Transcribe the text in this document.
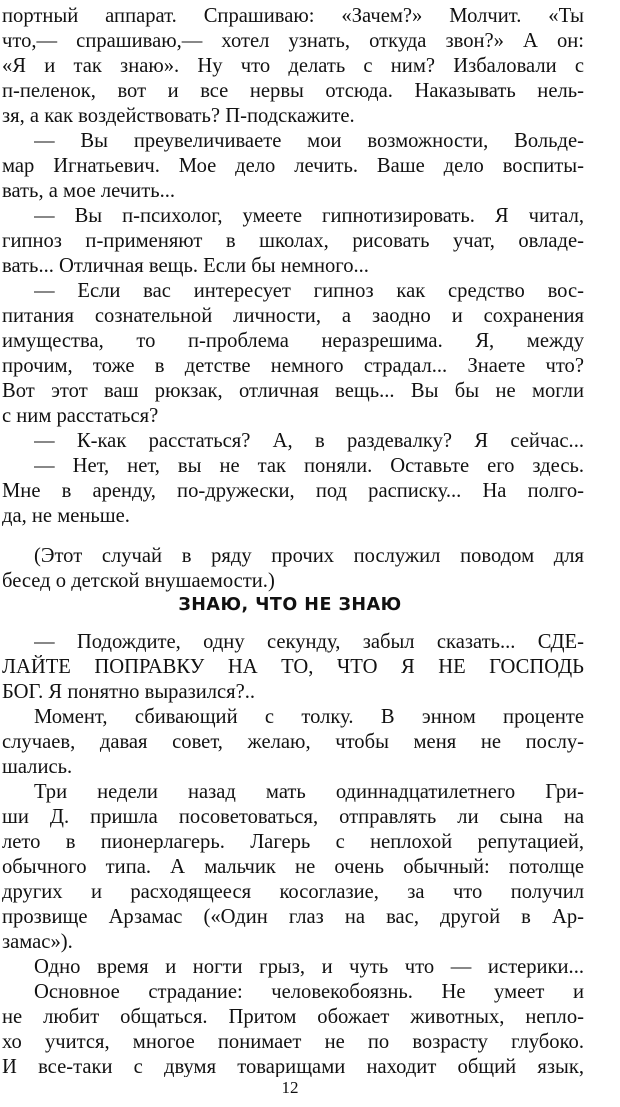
портный аппарат. Спрашиваю: «Зачем?» Молчит. «Ты
что,— спрашиваю,— хотел узнать, откуда звон?» А он:
«Я и так знаю». Ну что делать с ним? Избаловали с
п-пеленок, вот и все нервы отсюда. Наказывать нель-
зя, а как воздействовать? П-подскажите.
— Вы преувеличиваете мои возможности, Вольде-
мар Игнатьевич. Мое дело лечить. Ваше дело воспиты-
вать, а мое лечить...
— Вы п-психолог, умеете гипнотизировать. Я читал,
гипноз п-применяют в школах, рисовать учат, овладе-
вать... Отличная вещь. Если бы немного...
— Если вас интересует гипноз как средство вос-
питания сознательной личности, а заодно и сохранения
имущества, то п-проблема неразрешима. Я, между
прочим, тоже в детстве немного страдал... Знаете что?
Вот этот ваш рюкзак, отличная вещь... Вы бы не могли
с ним расстаться?
— К-как расстаться? А, в раздевалку? Я сейчас...
— Нет, нет, вы не так поняли. Оставьте его здесь.
Мне в аренду, по-дружески, под расписку... На полго-
да, не меньше.
(Этот случай в ряду прочих послужил поводом для
бесед о детской внушаемости.)
ЗНАЮ, ЧТО НЕ ЗНАЮ
— Подождите, одну секунду, забыл сказать... СДЕ-
ЛАЙТЕ ПОПРАВКУ НА ТО, ЧТО Я НЕ ГОСПОДЬ
БОГ. Я понятно выразился?..
Момент, сбивающий с толку. В энном проценте
случаев, давая совет, желаю, чтобы меня не послу-
шались.
Три недели назад мать одиннадцатилетнего Гри-
ши Д. пришла посоветоваться, отправлять ли сына на
лето в пионерлагерь. Лагерь с неплохой репутацией,
обычного типа. А мальчик не очень обычный: потолще
других и расходящееся косоглазие, за что получил
прозвище Арзамас («Один глаз на вас, другой в Ар-
замас»).
Одно время и ногти грыз, и чуть что — истерики...
Основное страдание: человекобоязнь. Не умеет и
не любит общаться. Притом обожает животных, непло-
хо учится, многое понимает не по возрасту глубоко.
И все-таки с двумя товарищами находит общий язык,
12
